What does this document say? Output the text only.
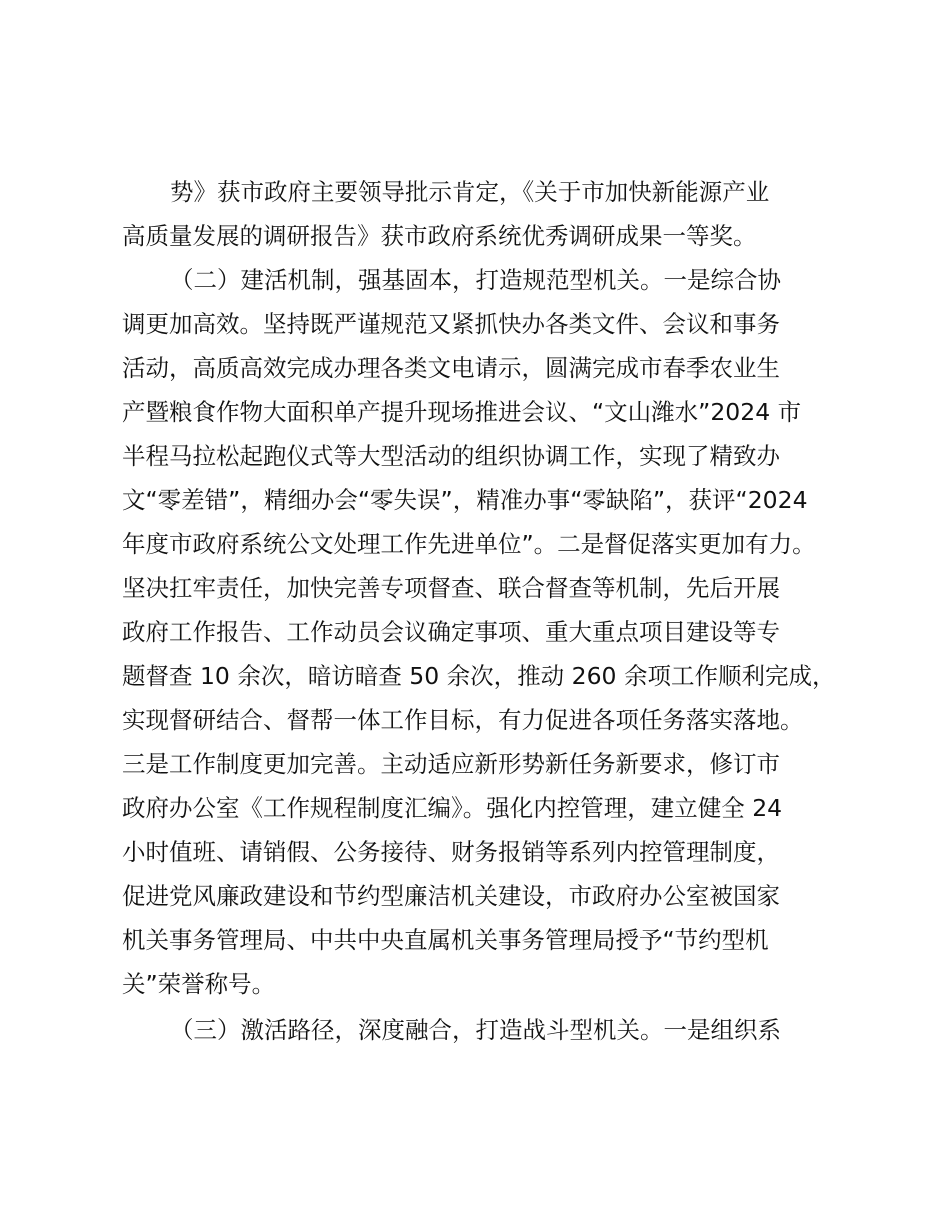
势》获市政府主要领导批示肯定，《关于市加快新能源产业
高质量发展的调研报告》获市政府系统优秀调研成果一等奖。
（二）建活机制，强基固本，打造规范型机关。一是综合协
调更加高效。坚持既严谨规范又紧抓快办各类文件、会议和事务
活动，高质高效完成办理各类文电请示，圆满完成市春季农业生
产暨粮食作物大面积单产提升现场推进会议、“文山潍水”2024 市
半程马拉松起跑仪式等大型活动的组织协调工作，实现了精致办
文“零差错”，精细办会“零失误”，精准办事“零缺陷”，获评“2024
年度市政府系统公文处理工作先进单位”。二是督促落实更加有力。
坚决扛牢责任，加快完善专项督查、联合督查等机制，先后开展
政府工作报告、工作动员会议确定事项、重大重点项目建设等专
题督查 10 余次，暗访暗查 50 余次，推动 260 余项工作顺利完成，
实现督研结合、督帮一体工作目标，有力促进各项任务落实落地。
三是工作制度更加完善。主动适应新形势新任务新要求，修订市
政府办公室《工作规程制度汇编》。强化内控管理，建立健全 24
小时值班、请销假、公务接待、财务报销等系列内控管理制度，
促进党风廉政建设和节约型廉洁机关建设，市政府办公室被国家
机关事务管理局、中共中央直属机关事务管理局授予“节约型机
关”荣誉称号。
（三）激活路径，深度融合，打造战斗型机关。一是组织系
